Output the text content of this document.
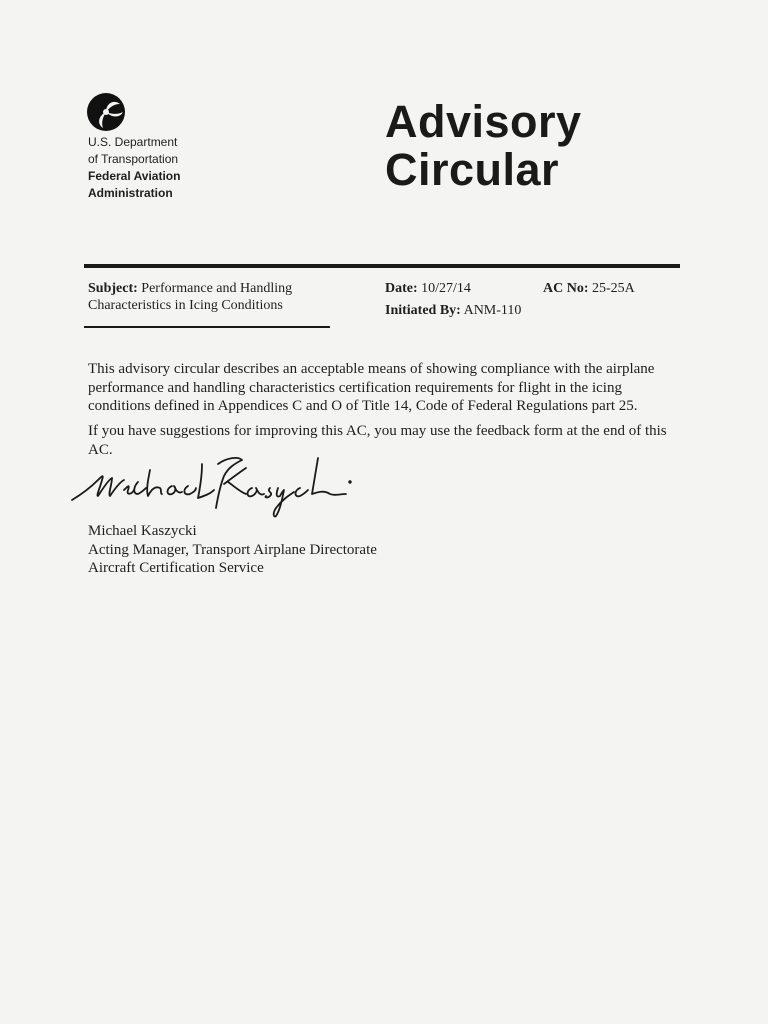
U.S. Department
of Transportation
Federal Aviation
Administration
Advisory
Circular
Subject: Performance and Handling
Characteristics in Icing Conditions
Date: 10/27/14	AC No: 25-25A
Initiated By: ANM-110

This advisory circular describes an acceptable means of showing compliance with the airplane performance and handling characteristics certification requirements for flight in the icing conditions defined in Appendices C and O of Title 14, Code of Federal Regulations part 25.

If you have suggestions for improving this AC, you may use the feedback form at the end of this AC.

Michael Kaszycki
Acting Manager, Transport Airplane Directorate
Aircraft Certification Service
